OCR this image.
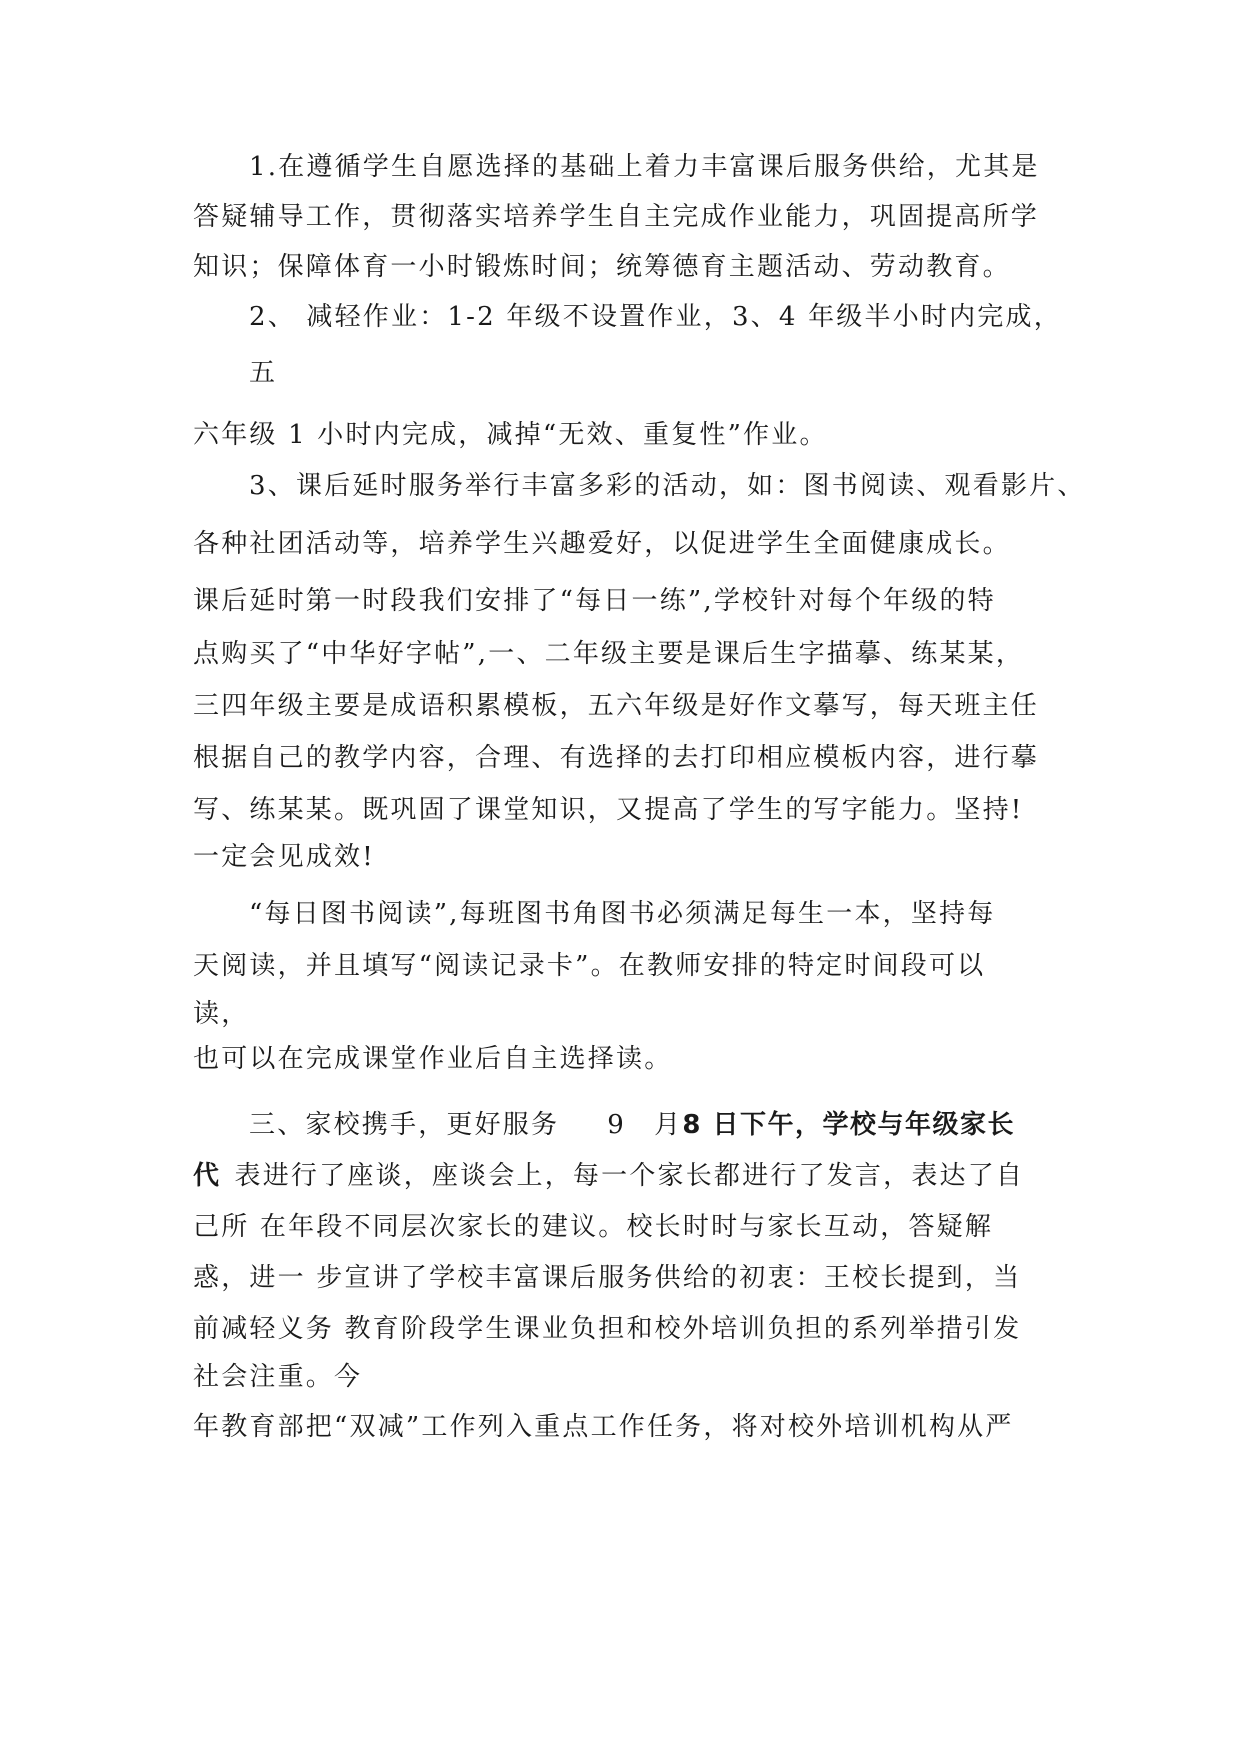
1.在遵循学生自愿选择的基础上着力丰富课后服务供给，尤其是

答疑辅导工作，贯彻落实培养学生自主完成作业能力，巩固提高所学

知识；保障体育一小时锻炼时间；统筹德育主题活动、劳动教育。

2、 减轻作业：1-2 年级不设置作业，3、4 年级半小时内完成，

五

六年级 1 小时内完成，减掉“无效、重复性”作业。

3、课后延时服务举行丰富多彩的活动，如：图书阅读、观看影片、

各种社团活动等，培养学生兴趣爱好，以促进学生全面健康成长。

课后延时第一时段我们安排了“每日一练”,学校针对每个年级的特

点购买了“中华好字帖”,一、二年级主要是课后生字描摹、练某某，

三四年级主要是成语积累模板，五六年级是好作文摹写，每天班主任

根据自己的教学内容，合理、有选择的去打印相应模板内容，进行摹

写、练某某。既巩固了课堂知识，又提高了学生的写字能力。坚持!

一定会见成效!

“每日图书阅读”,每班图书角图书必须满足每生一本，坚持每

天阅读，并且填写“阅读记录卡”。在教师安排的特定时间段可以

读，

也可以在完成课堂作业后自主选择读。

三、家校携手，更好服务 9　月8 日下午，学校与年级家长

代 表进行了座谈，座谈会上，每一个家长都进行了发言，表达了自

己所 在年段不同层次家长的建议。校长时时与家长互动，答疑解

惑，进一 步宣讲了学校丰富课后服务供给的初衷：王校长提到，当

前减轻义务 教育阶段学生课业负担和校外培训负担的系列举措引发

社会注重。今

年教育部把“双减”工作列入重点工作任务，将对校外培训机构从严
